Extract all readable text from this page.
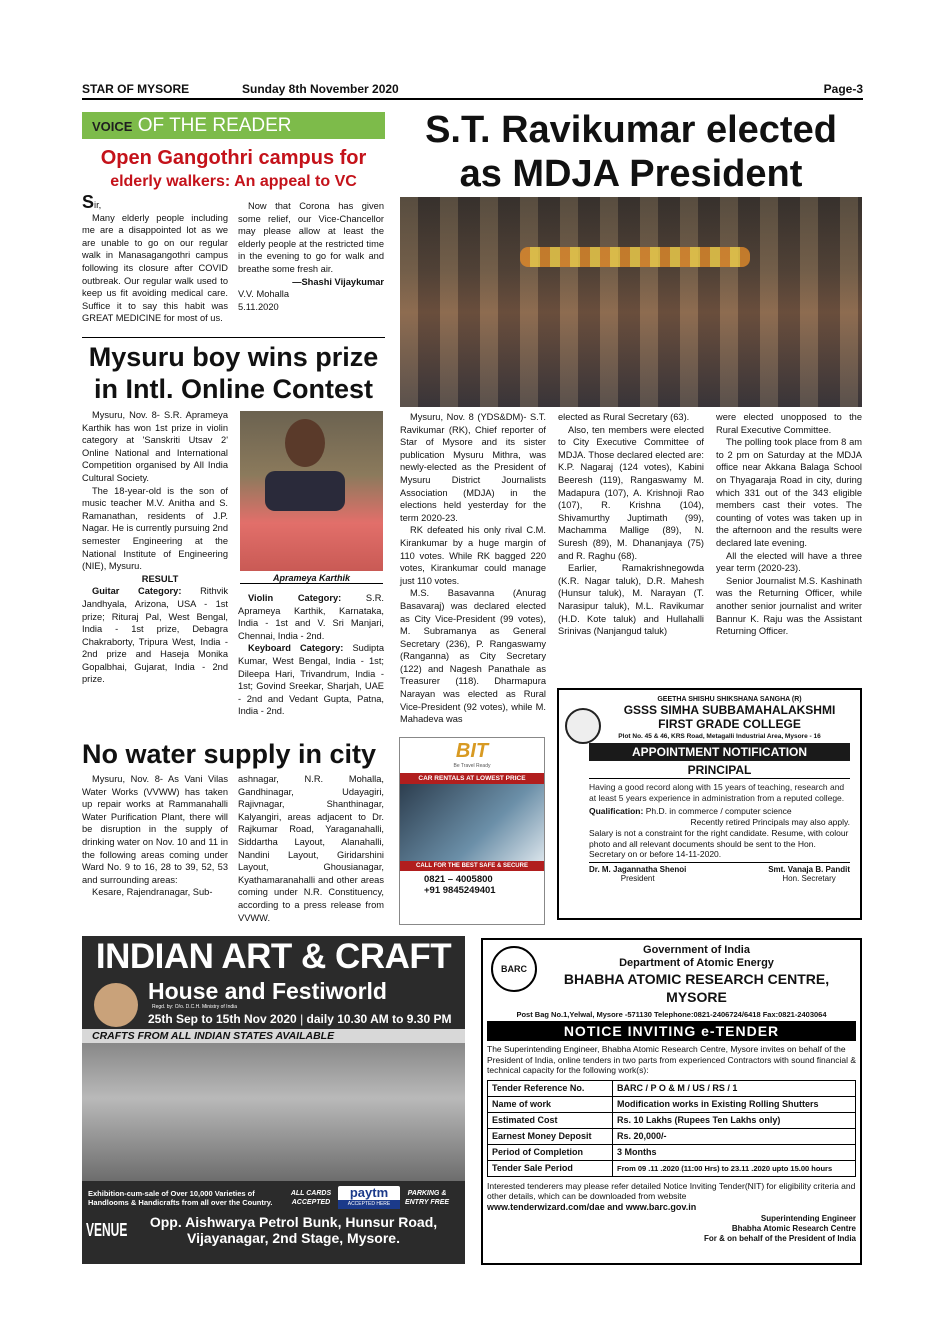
STAR OF MYSORE	Sunday 8th November 2020	Page-3
VOICE OF THE READER
Open Gangothri campus for
elderly walkers: An appeal to VC

Sir,

Many elderly people including me are a disappointed lot as we are unable to go on our regular walk in Manasagangothri campus following its closure after COVID outbreak. Our regular walk used to keep us fit avoiding medical care. Suffice it to say this habit was GREAT MEDICINE for most of us.

Now that Corona has given some relief, our Vice-Chancellor may please allow at least the elderly people at the restricted time in the evening to go for walk and breathe some fresh air.

—Shashi Vijaykumar

V.V. Mohalla

5.11.2020

S.T. Ravikumar elected
as MDJA President

Mysuru, Nov. 8 (YDS&DM)- S.T. Ravikumar (RK), Chief reporter of Star of Mysore and its sister publication Mysuru Mithra, was newly-elected as the President of Mysuru District Journalists Association (MDJA) in the elections held yesterday for the term 2020-23.

RK defeated his only rival C.M. Kirankumar by a huge margin of 110 votes. While RK bagged 220 votes, Kirankumar could manage just 110 votes.

M.S. Basavanna (Anurag Basavaraj) was declared elected as City Vice-President (99 votes), M. Subramanya as General Secretary (236), P. Rangaswamy (Ranganna) as City Secretary (122) and Nagesh Panathale as Treasurer (118). Dharmapura Narayan was elected as Rural Vice-President (92 votes), while M. Mahadeva was

elected as Rural Secretary (63).

Also, ten members were elected to City Executive Committee of MDJA. Those declared elected are: K.P. Nagaraj (124 votes), Kabini Beeresh (119), Rangaswamy M. Madapura (107), A. Krishnoji Rao (107), R. Krishna (104), Shivamurthy Juptimath (99), Machamma Mallige (89), N. Suresh (89), M. Dhananjaya (75) and R. Raghu (68).

Earlier, Ramakrishnegowda (K.R. Nagar taluk), D.R. Mahesh (Hunsur taluk), M. Narayan (T. Narasipur taluk), M.L. Ravikumar (H.D. Kote taluk) and Hullahalli Srinivas (Nanjangud taluk)

were elected unopposed to the Rural Executive Committee.

The polling took place from 8 am to 2 pm on Saturday at the MDJA office near Akkana Balaga School on Thyagaraja Road in city, during which 331 out of the 343 eligible members cast their votes. The counting of votes was taken up in the afternoon and the results were declared late evening.

All the elected will have a three year term (2020-23).

Senior Journalist M.S. Kashinath was the Returning Officer, while another senior journalist and writer Bannur K. Raju was the Assistant Returning Officer.

Mysuru boy wins prize
in Intl. Online Contest

Mysuru, Nov. 8- S.R. Aprameya Karthik has won 1st prize in violin category at 'Sanskriti Utsav 2' Online National and International Competition organised by All India Cultural Society.

The 18-year-old is the son of music teacher M.V. Anitha and S. Ramanathan, residents of J.P. Nagar. He is currently pursuing 2nd semester Engineering at the National Institute of Engineering (NIE), Mysuru.

RESULT

Guitar Category: Rithvik Jandhyala, Arizona, USA - 1st prize; Rituraj Pal, West Bengal, India - 1st prize, Debagra Chakraborty, Tripura West, India - 2nd prize and Haseja Monika Gopalbhai, Gujarat, India - 2nd prize.

Aprameya Karthik

Violin Category:	S.R. Aprameya Karthik, Karnataka, India - 1st and V. Sri Manjari, Chennai, India - 2nd.

Keyboard Category: Sudipta Kumar, West Bengal, India - 1st; Dileepa Hari, Trivandrum, India - 1st; Govind Sreekar, Sharjah, UAE - 2nd and Vedant Gupta, Patna, India - 2nd.

No water supply in city

Mysuru, Nov. 8- As Vani Vilas Water Works (VVWW) has taken up repair works at Rammanahalli Water Purification Plant, there will be disruption in the supply of drinking water on Nov. 10 and 11 in the following areas coming under Ward No. 9 to 16, 28 to 39, 52, 53 and surrounding areas:

Kesare, Rajendranagar, Sub-

ashnagar, N.R. Mohalla, Gandhinagar, Udayagiri, Rajivnagar, Shanthinagar, Kalyangiri, areas adjacent to Dr. Rajkumar Road, Yaraganahalli, Siddartha Layout, Alanahalli, Nandini Layout, Giridarshini Layout, Ghousianagar, Kyathamaranahalli and other areas coming under N.R. Constituency, according to a press release from VVWW.

BIT
Be Travel Ready
CAR RENTALS AT LOWEST PRICE
CALL FOR THE BEST SAFE & SECURE
0821 – 4005800
+91 9845249401
GEETHA SHISHU SHIKSHANA SANGHA (R)
GSSS SIMHA SUBBAMAHALAKSHMI
FIRST GRADE COLLEGE
Plot No. 45 & 46, KRS Road, Metagalli Industrial Area, Mysore - 16
APPOINTMENT NOTIFICATION
PRINCIPAL
Having a good record along with 15 years of teaching, research and at least 5 years experience in administration from a reputed college.
Qualification: Ph.D. in commerce / computer science
Recently retired Principals may also apply.
Salary is not a constraint for the right candidate. Resume, with colour photo and all relevant documents should be sent to the Hon. Secretary on or before 14-11-2020.
Dr. M. Jagannatha Shenoi
President
Smt. Vanaja B. Pandit
Hon. Secretary
INDIAN ART & CRAFT
House and Festiworld
Regd. by: O/o. D.C.H. Ministry of India
25th Sep to 15th Nov 2020 | daily 10.30 AM to 9.30 PM
CRAFTS FROM ALL INDIAN STATES AVAILABLE
Exhibition-cum-sale of Over 10,000 Varieties of Handlooms & Handicrafts from all over the Country.
ALL CARDS ACCEPTED
paytm
ACCEPTED HERE
PARKING & ENTRY FREE
VENUE	Opp. Aishwarya Petrol Bunk, Hunsur Road,
Vijayanagar, 2nd Stage, Mysore.
BARC
Government of India
Department of Atomic Energy
BHABHA ATOMIC RESEARCH CENTRE, MYSORE
Post Bag No.1,Yelwal, Mysore -571130 Telephone:0821-2406724/6418 Fax:0821-2403064
NOTICE INVITING e-TENDER
The Superintending Engineer, Bhabha Atomic Research Centre, Mysore invites on behalf of the President of India, online tenders in two parts from experienced Contractors with sound financial & technical capacity for the following work(s):
Tender Reference No.	BARC / P O & M / US / RS / 1
Name of work	Modification works in Existing Rolling Shutters
Estimated Cost	Rs. 10 Lakhs (Rupees Ten Lakhs only)
Earnest Money Deposit	Rs. 20,000/-
Period of Completion	3 Months
Tender Sale Period	From 09 .11 .2020 (11:00 Hrs) to 23.11 .2020 upto 15.00 hours
Interested tenderers may please refer detailed Notice Inviting Tender(NIT) for eligibility criteria and other details, which can be downloaded from website
www.tenderwizard.com/dae and www.barc.gov.in
Superintending Engineer
Bhabha Atomic Research Centre
For & on behalf of the President of India
